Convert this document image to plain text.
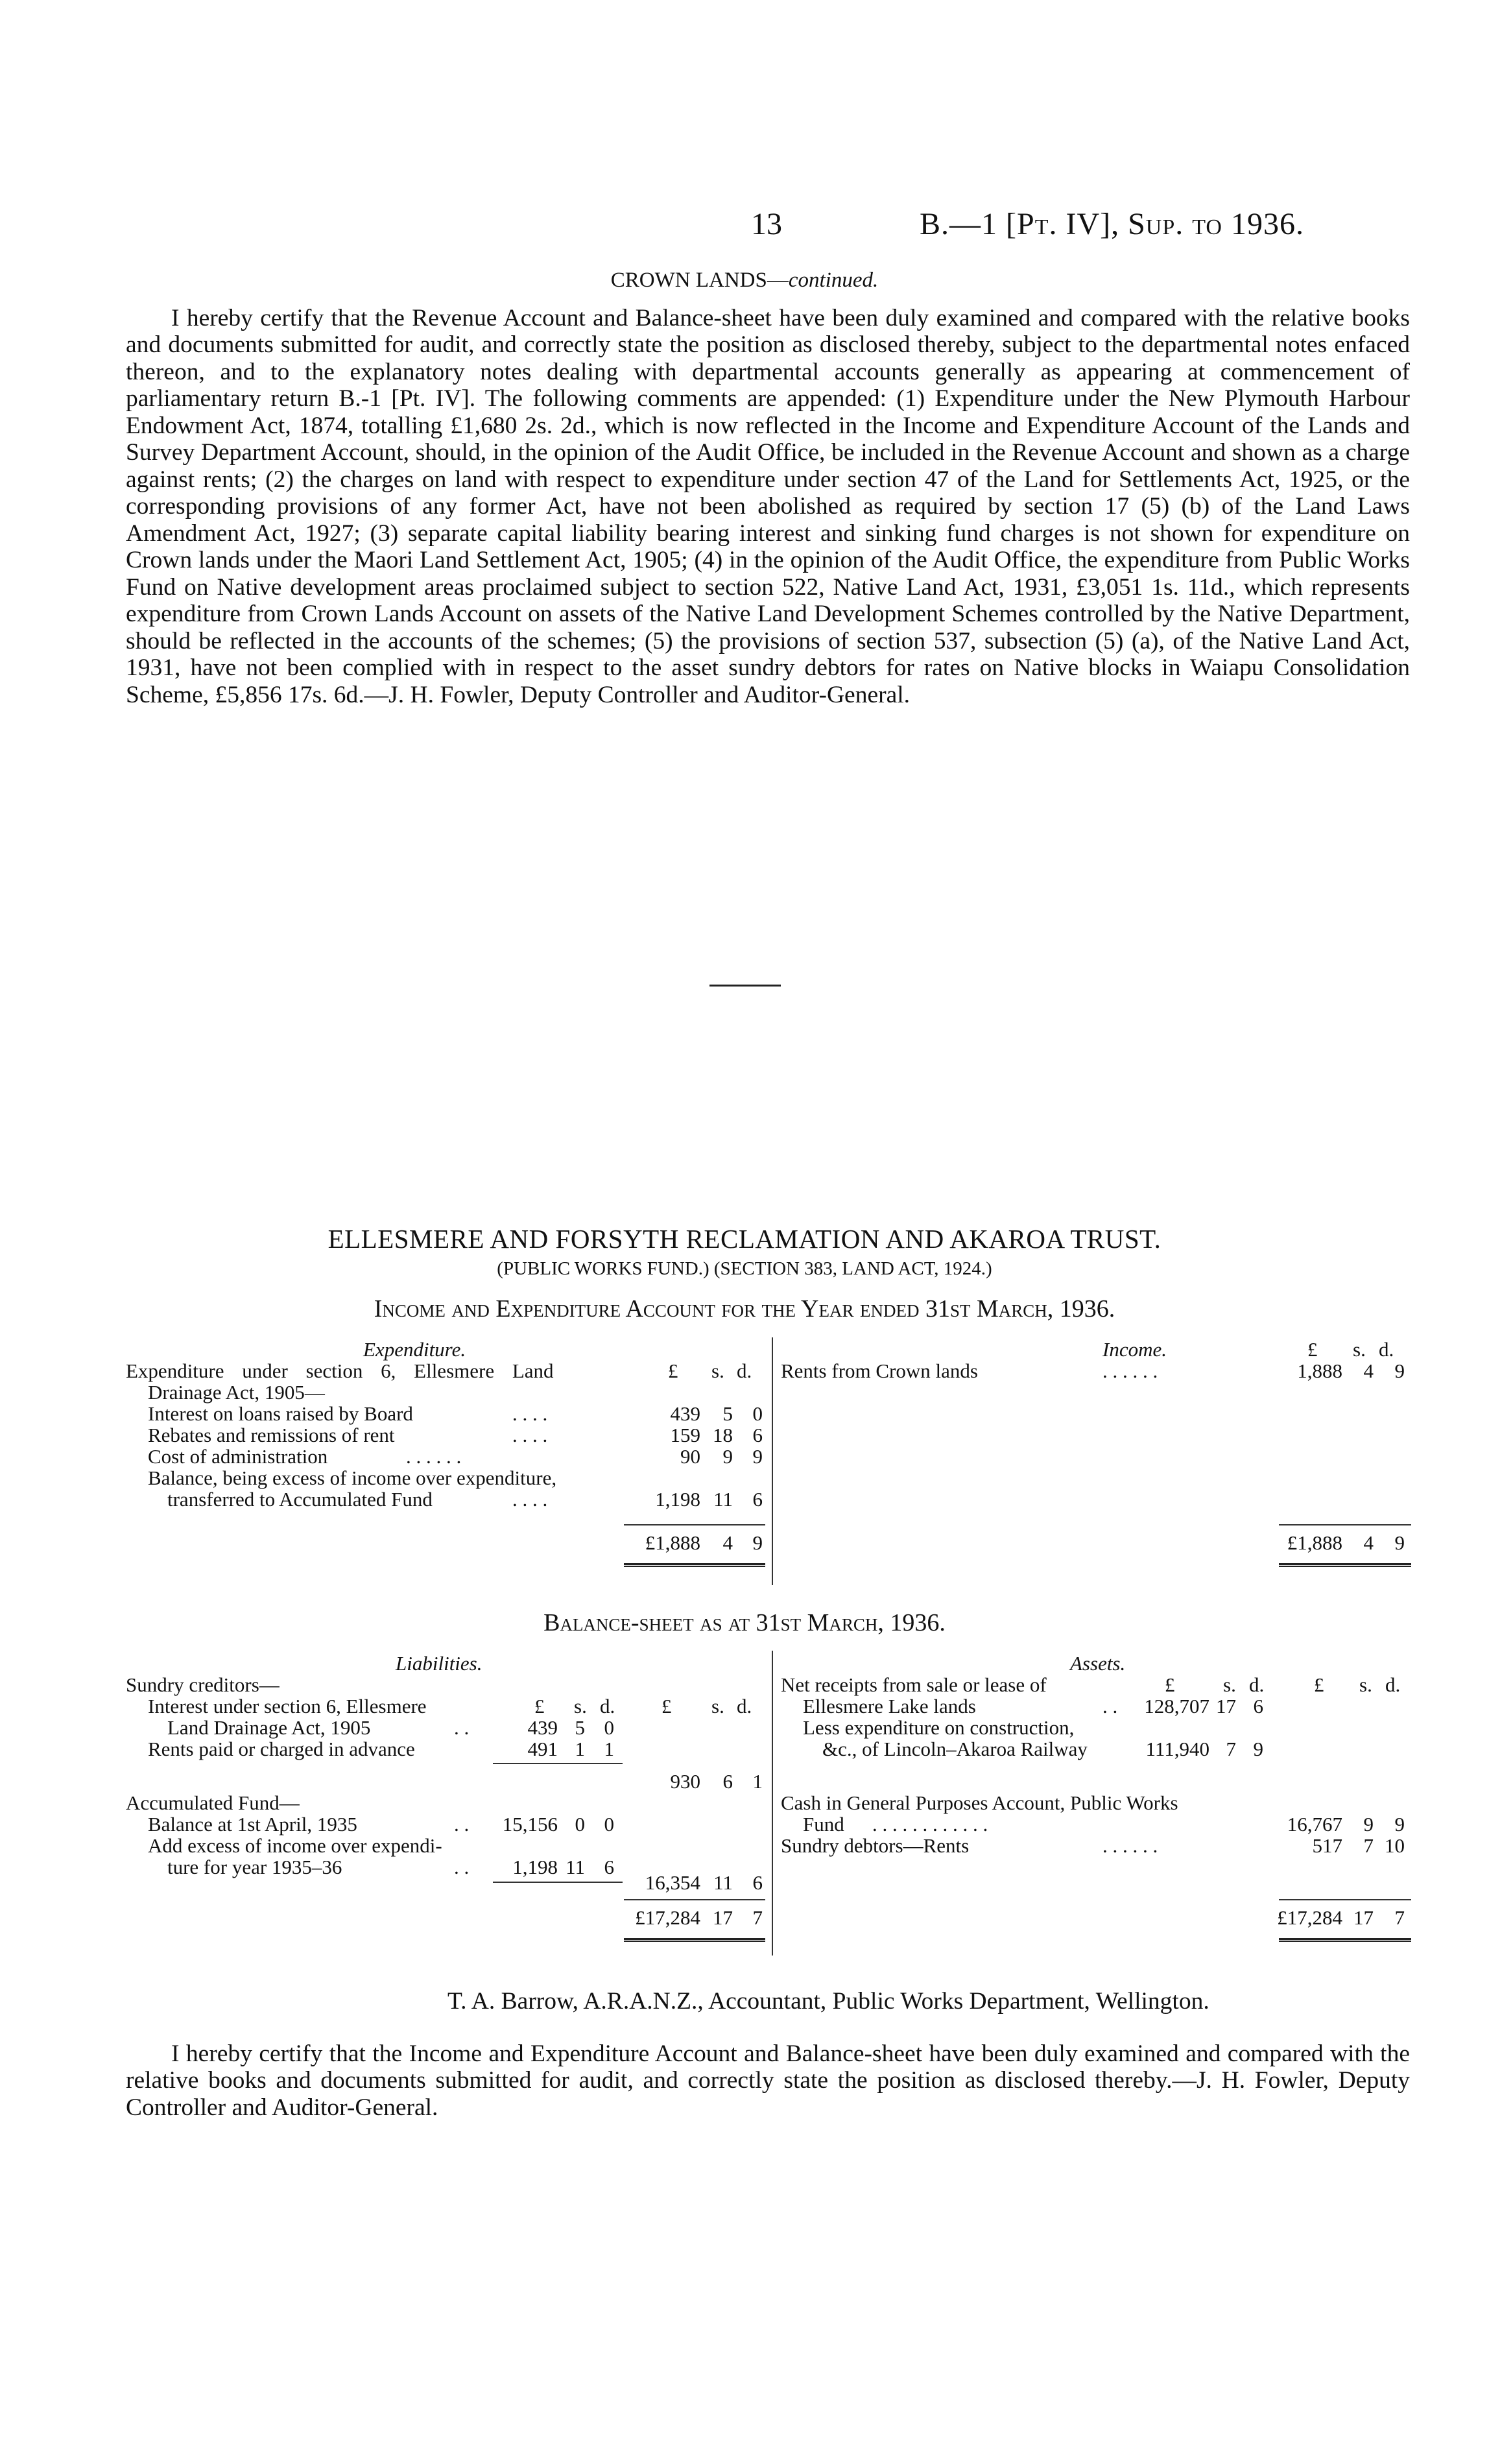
13	B.—1 [Pt. IV], Sup. to 1936.
CROWN LANDS—continued.

I hereby certify that the Revenue Account and Balance-sheet have been duly examined and compared with the relative books and documents submitted for audit, and correctly state the position as disclosed thereby, subject to the departmental notes enfaced thereon, and to the explanatory notes dealing with departmental accounts generally as appearing at commencement of parliamentary return B.-1 [Pt. IV]. The following comments are appended: (1) Expenditure under the New Plymouth Harbour Endowment Act, 1874, totalling £1,680 2s. 2d., which is now reflected in the Income and Expenditure Account of the Lands and Survey Department Account, should, in the opinion of the Audit Office, be included in the Revenue Account and shown as a charge against rents; (2) the charges on land with respect to expenditure under section 47 of the Land for Settlements Act, 1925, or the corresponding provisions of any former Act, have not been abolished as required by section 17 (5) (b) of the Land Laws Amendment Act, 1927; (3) separate capital liability bearing interest and sinking fund charges is not shown for expenditure on Crown lands under the Maori Land Settlement Act, 1905; (4) in the opinion of the Audit Office, the expenditure from Public Works Fund on Native development areas proclaimed subject to section 522, Native Land Act, 1931, £3,051 1s. 11d., which represents expenditure from Crown Lands Account on assets of the Native Land Development Schemes controlled by the Native Department, should be reflected in the accounts of the schemes; (5) the provisions of section 537, subsection (5) (a), of the Native Land Act, 1931, have not been complied with in respect to the asset sundry debtors for rates on Native blocks in Waiapu Consolidation Scheme, £5,856 17s. 6d.—J. H. Fowler, Deputy Controller and Auditor-General.

ELLESMERE AND FORSYTH RECLAMATION AND AKAROA TRUST.
(PUBLIC WORKS FUND.) (SECTION 383, LAND ACT, 1924.)
Income and Expenditure Account for the Year ended 31st March, 1936.
Expenditure.
£ s. d.
Expenditure under section 6, Ellesmere Land
Drainage Act, 1905—
Interest on loans raised by Board	. . . .	439	5 0
Rebates and remissions of rent	. . . .	159 18 6
Cost of administration	. . . . . .	90	9 9
Balance, being excess of income over expenditure,
transferred to Accumulated Fund	. . . .	1,198 11 6
£1,888	4 9
Income.	£ s. d.
Rents from Crown lands	. . . . . .	1,888	4	9
£1,888	4	9
Balance-sheet as at 31st March, 1936.
Liabilities.
Sundry creditors—
£ s. d. £ s. d.
Interest under section 6, Ellesmere
Land Drainage Act, 1905	. .	439 5 0
Rents paid or charged in advance	491 1 1
930	6 1
Accumulated Fund—
Balance at 1st April, 1935	. .	15,156 0 0
Add excess of income over expendi-
ture for year 1935–36	. .	1,198 11 6
16,354 11 6
£17,284 17 7
Assets.
Net receipts from sale or lease of	£ s. d. £ s. d.
Ellesmere Lake lands	. .	128,707 17 6
Less expenditure on construction,
&c., of Lincoln–Akaroa Railway	111,940 7 9
Cash in General Purposes Account, Public Works
Fund . . . . . . . . . . . .	16,767	9	9
Sundry debtors—Rents	. . . . . .	517	7 10
£17,284 17	7
T. A. Barrow, A.R.A.N.Z., Accountant, Public Works Department, Wellington.

I hereby certify that the Income and Expenditure Account and Balance-sheet have been duly examined and compared with the relative books and documents submitted for audit, and correctly state the position as disclosed thereby.—J. H. Fowler, Deputy Controller and Auditor-General.
